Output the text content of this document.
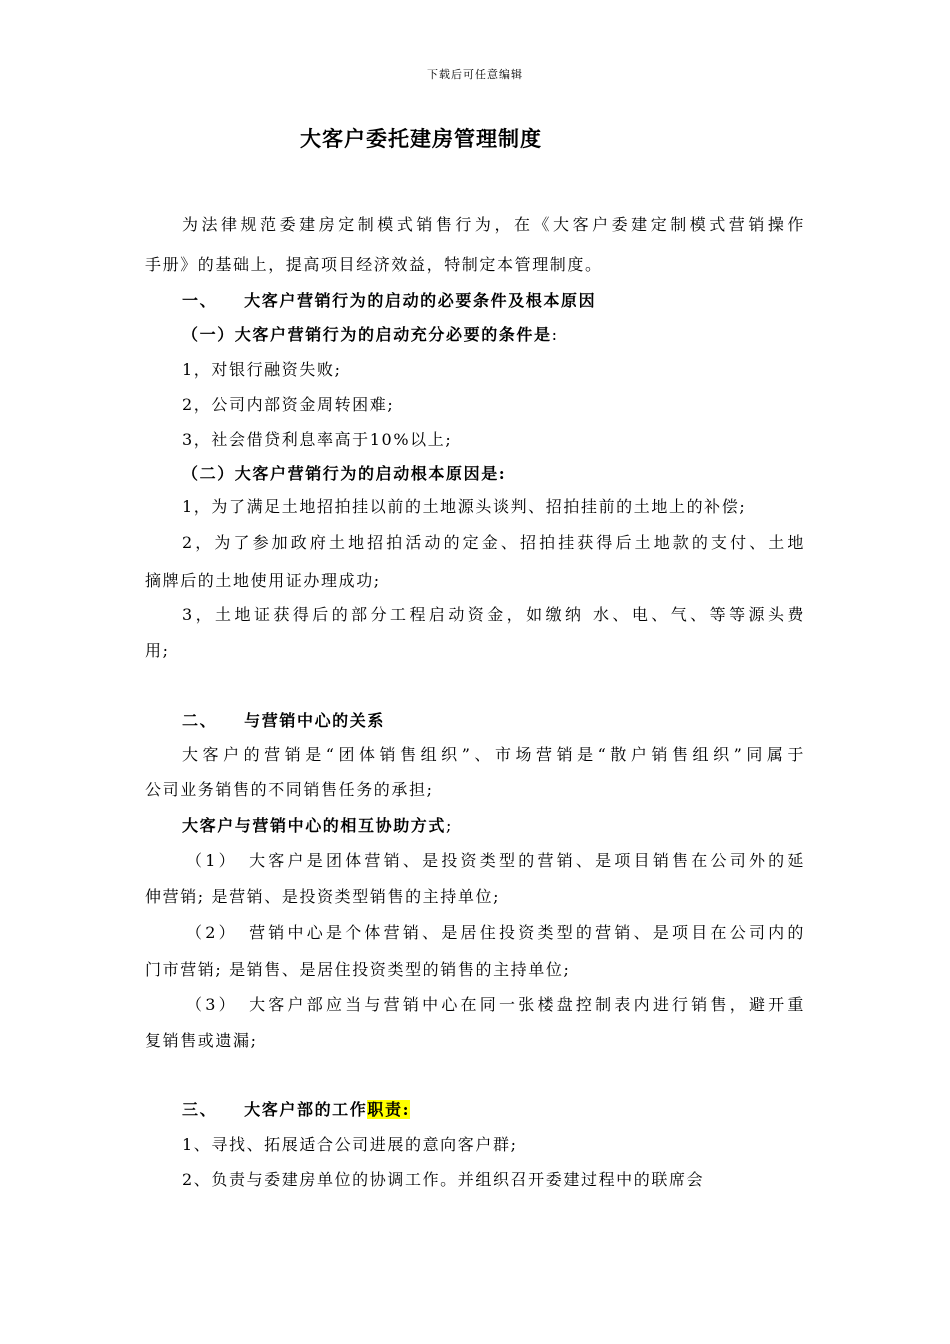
下载后可任意编辑
大客户委托建房管理制度
为法律规范委建房定制模式销售行为，在《大客户委建定制模式营销操作
手册》的基础上，提高项目经济效益，特制定本管理制度。
一、 大客户营销行为的启动的必要条件及根本原因
（一）大客户营销行为的启动充分必要的条件是:
1，对银行融资失败;
2，公司内部资金周转困难;
3，社会借贷利息率高于10%以上;
（二）大客户营销行为的启动根本原因是:
1，为了满足土地招拍挂以前的土地源头谈判、招拍挂前的土地上的补偿;
2，为了参加政府土地招拍活动的定金、招拍挂获得后土地款的支付、土地
摘牌后的土地使用证办理成功;
3，土地证获得后的部分工程启动资金，如缴纳 水、电、气、等等源头费
用;
二、 与营销中心的关系
大客户的营销是“团体销售组织”、市场营销是“散户销售组织”同属于
公司业务销售的不同销售任务的承担;
大客户与营销中心的相互协助方式;
（1）　大客户是团体营销、是投资类型的营销、是项目销售在公司外的延
伸营销; 是营销、是投资类型销售的主持单位;
（2）　营销中心是个体营销、是居住投资类型的营销、是项目在公司内的
门市营销; 是销售、是居住投资类型的销售的主持单位;
（3）　大客户部应当与营销中心在同一张楼盘控制表内进行销售，避开重
复销售或遗漏;
三、 大客户部的工作职责:
1、寻找、拓展适合公司进展的意向客户群;
2、负责与委建房单位的协调工作。并组织召开委建过程中的联席会
